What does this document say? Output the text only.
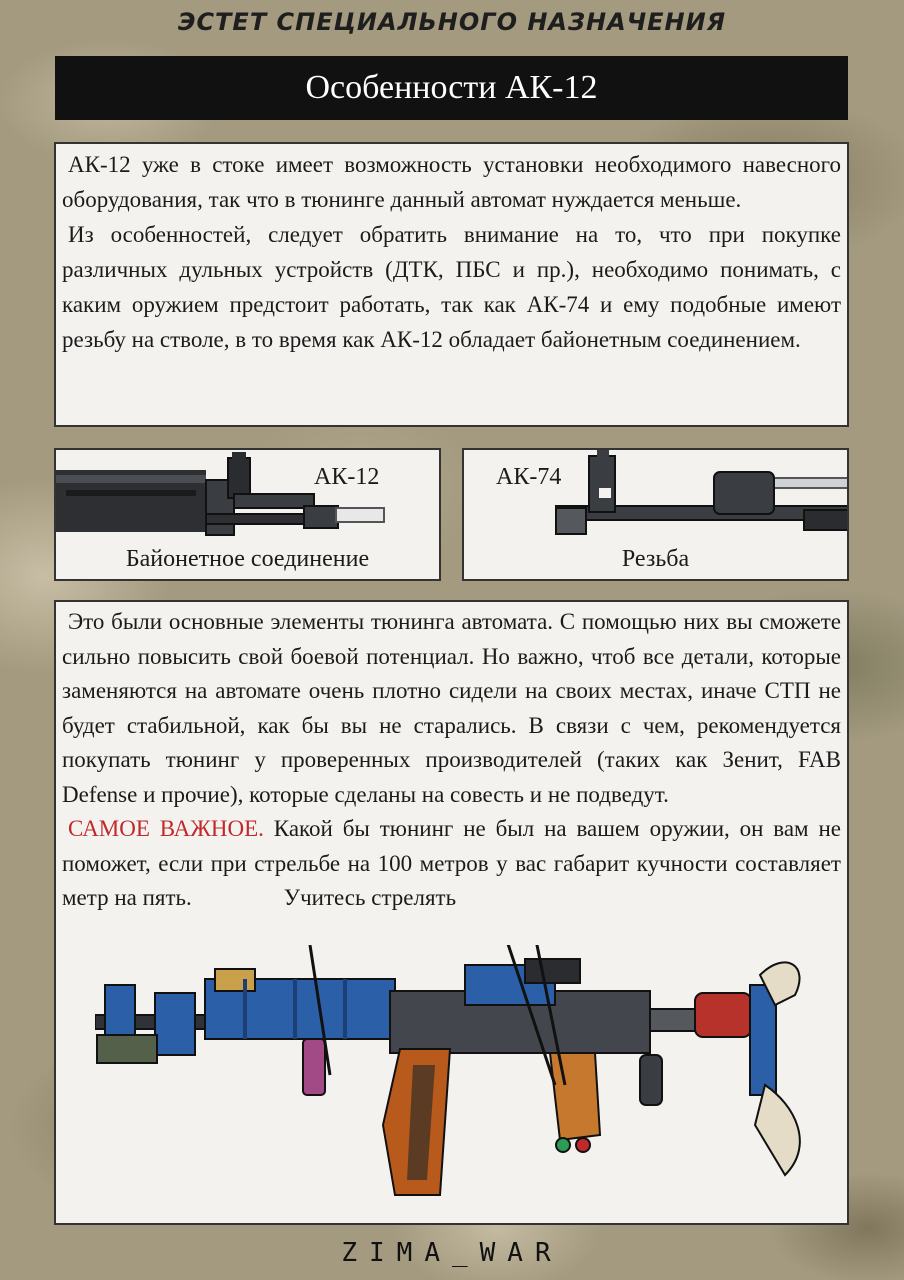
ЭСТЕТ СПЕЦИАЛЬНОГО НАЗНАЧЕНИЯ
Особенности АК-12

АК-12 уже в стоке имеет возможность установки необходимого навесного оборудования, так что в тюнинге данный автомат нуждается меньше.

Из особенностей, следует обратить внимание на то, что при покупке различных дульных устройств (ДТК, ПБС и пр.), необходимо понимать, с каким оружием предстоит работать, так как АК-74 и ему подобные имеют резьбу на стволе, в то время как АК-12 обладает байонетным соединением.

АК-12
Байонетное соединение
АК-74
Резьба

Это были основные элементы тюнинга автомата. С помощью них вы сможете сильно повысить свой боевой потенциал. Но важно, чтоб все детали, которые заменяются на автомате очень плотно сидели на своих местах, иначе СТП не будет стабильной, как бы вы не старались. В связи с чем, рекомендуется покупать тюнинг у проверенных производителей (таких как Зенит, FAB Defense и прочие), которые сделаны на совесть и не подведут.

САМОЕ ВАЖНОЕ. Какой бы тюнинг не был на вашем оружии, он вам не поможет, если при стрельбе на 100 метров у вас габарит кучности составляет метр на пять.	Учитесь стрелять

ZIMA_WAR
